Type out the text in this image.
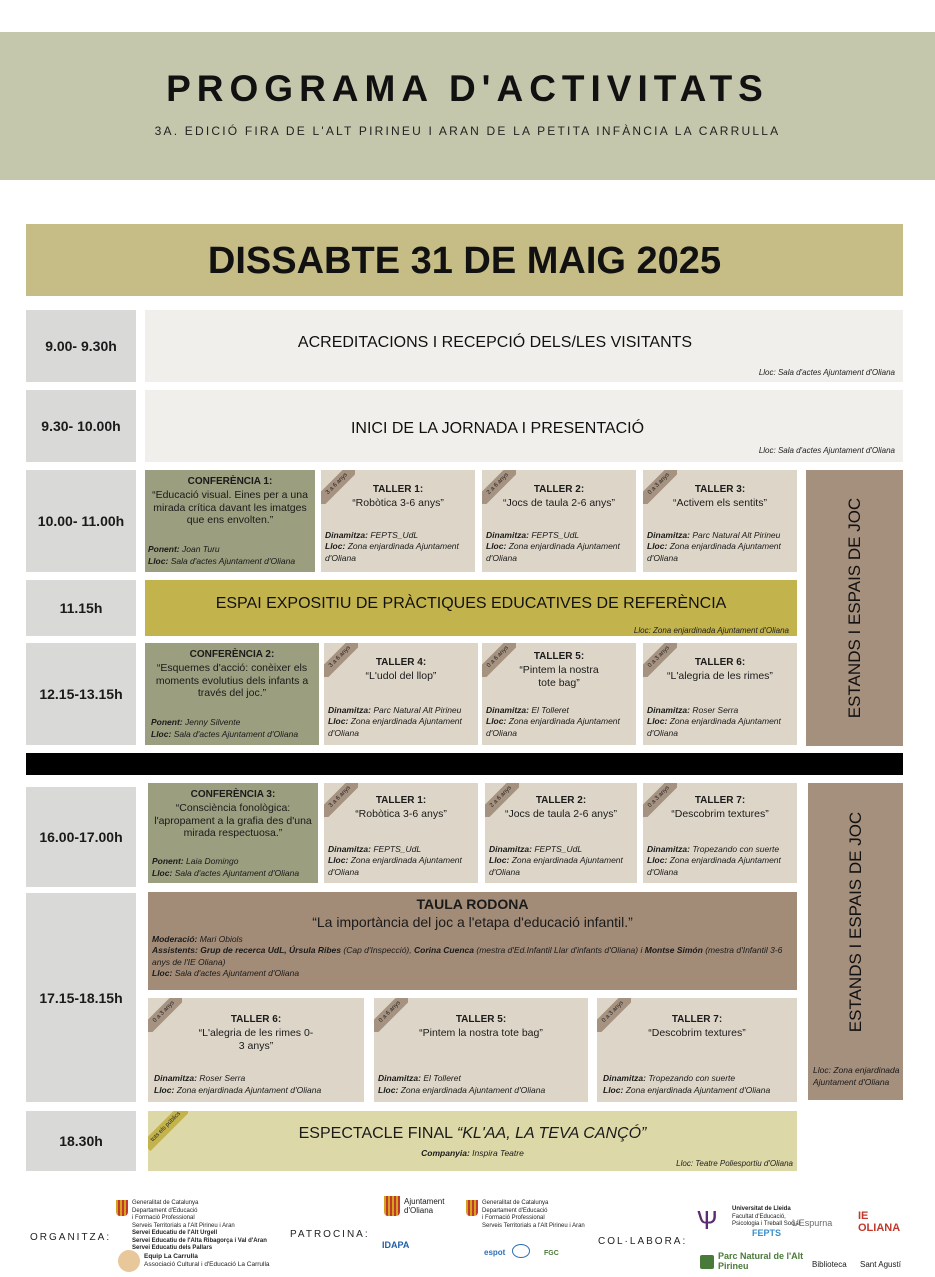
PROGRAMA D'ACTIVITATS
3A. EDICIÓ FIRA DE L'ALT PIRINEU I ARAN DE LA PETITA INFÀNCIA LA CARRULLA
DISSABTE 31 DE MAIG 2025
9.00- 9.30h	ACREDITACIONS I RECEPCIÓ DELS/LES VISITANTS
Lloc: Sala d'actes Ajuntament d'Oliana
9.30- 10.00h	INICI DE LA JORNADA I PRESENTACIÓ
Lloc: Sala d'actes Ajuntament d'Oliana
10.00- 11.00h
CONFERÈNCIA 1:
“Educació visual. Eines per a una mirada crítica davant les imatges que ens envolten.”
Ponent: Joan Turu
Lloc: Sala d'actes Ajuntament d'Oliana
3 a 6 anys	TALLER 1:
“Robòtica 3-6 anys”
Dinamitza: FEPTS_UdL
Lloc: Zona enjardinada Ajuntament d'Oliana
2 a 6 anys	TALLER 2:
“Jocs de taula 2-6 anys”
Dinamitza: FEPTS_UdL
Lloc: Zona enjardinada Ajuntament d'Oliana
0 a 3 anys	TALLER 3:
“Activem els sentits”
Dinamitza: Parc Natural Alt Pirineu
Lloc: Zona enjardinada Ajuntament d'Oliana
11.15h	ESPAI EXPOSITIU DE PRÀCTIQUES EDUCATIVES DE REFERÈNCIA
Lloc: Zona enjardinada Ajuntament d'Oliana
12.15-13.15h
CONFERÈNCIA 2:
“Esquemes d'acció: conèixer els moments evolutius dels infants a través del joc.”
Ponent: Jenny Silvente
Lloc: Sala d'actes Ajuntament d'Oliana
3 a 6 anys	TALLER 4:
“L'udol del llop”
Dinamitza: Parc Natural Alt Pirineu
Lloc: Zona enjardinada Ajuntament d'Oliana
0 a 6 anys	TALLER 5:
“Pintem la nostra tote bag”
Dinamitza: El Tolleret
Lloc: Zona enjardinada Ajuntament d'Oliana
0 a 3 anys	TALLER 6:
“L'alegria de les rimes”
Dinamitza: Roser Serra
Lloc: Zona enjardinada Ajuntament d'Oliana
ESTANDS I ESPAIS DE JOC
16.00-17.00h
CONFERÈNCIA 3:
“Consciència fonològica: l'apropament a la grafia des d'una mirada respectuosa.”
Ponent: Laia Domingo
Lloc: Sala d'actes Ajuntament d'Oliana
3 a 6 anys	TALLER 1:
“Robòtica 3-6 anys”
Dinamitza: FEPTS_UdL
Lloc: Zona enjardinada Ajuntament d'Oliana
2 a 6 anys	TALLER 2:
“Jocs de taula 2-6 anys”
Dinamitza: FEPTS_UdL
Lloc: Zona enjardinada Ajuntament d'Oliana
0 a 3 anys	TALLER 7:
“Descobrim textures”
Dinamitza: Tropezando con suerte
Lloc: Zona enjardinada Ajuntament d'Oliana
17.15-18.15h
TAULA RODONA
“La importància del joc a l'etapa d'educació infantil.”
Moderació: Mari Obiols
Assistents: Grup de recerca UdL, Úrsula Ribes (Cap d'Inspecció), Corina Cuenca (mestra d'Ed.Infantil Llar d'infants d'Oliana) i Montse Simón (mestra d'Infantil 3-6 anys de l'IE Oliana)
Lloc: Sala d'actes Ajuntament d'Oliana
0 a 3 anys	TALLER 6:
“L'alegria de les rimes 0-3 anys”
Dinamitza: Roser Serra
Lloc: Zona enjardinada Ajuntament d'Oliana
0 a 6 anys	TALLER 5:
“Pintem la nostra tote bag”
Dinamitza: El Tolleret
Lloc: Zona enjardinada Ajuntament d'Oliana
0 a 3 anys	TALLER 7:
“Descobrim textures”
Dinamitza: Tropezando con suerte
Lloc: Zona enjardinada Ajuntament d'Oliana
ESTANDS I ESPAIS DE JOC
Lloc: Zona enjardinada Ajuntament d'Oliana
18.30h	tots els públics	ESPECTACLE FINAL “KL'AA, LA TEVA CANÇÓ”
Companyia: Inspira Teatre
Lloc: Teatre Poliesportiu d'Oliana
ORGANITZA:
Generalitat de Catalunya
Departament d'Educació
i Formació Professional
Serveis Territorials a l'Alt Pirineu i Aran
Servei Educatiu de l'Alt Urgell
Servei Educatiu de l'Alta Ribagorça i Val d'Aran
Servei Educatiu dels Pallars
Equip La Carrulla
Associació Cultural i d'Educació La Carrulla
PATROCINA:
Ajuntament d'Oliana
Generalitat de Catalunya
Departament d'Educació
i Formació Professional
Serveis Territorials a l'Alt Pirineu i Aran
IDAPA
espot	FGC
COL·LABORA:
Ѱ	Universitat de Lleida
Facultat d'Educació,
Psicologia i Treball Social
FEPTS
L'Espurna
IE OLIANA
Parc Natural de l'Alt Pirineu	Biblioteca Sant Agustí
